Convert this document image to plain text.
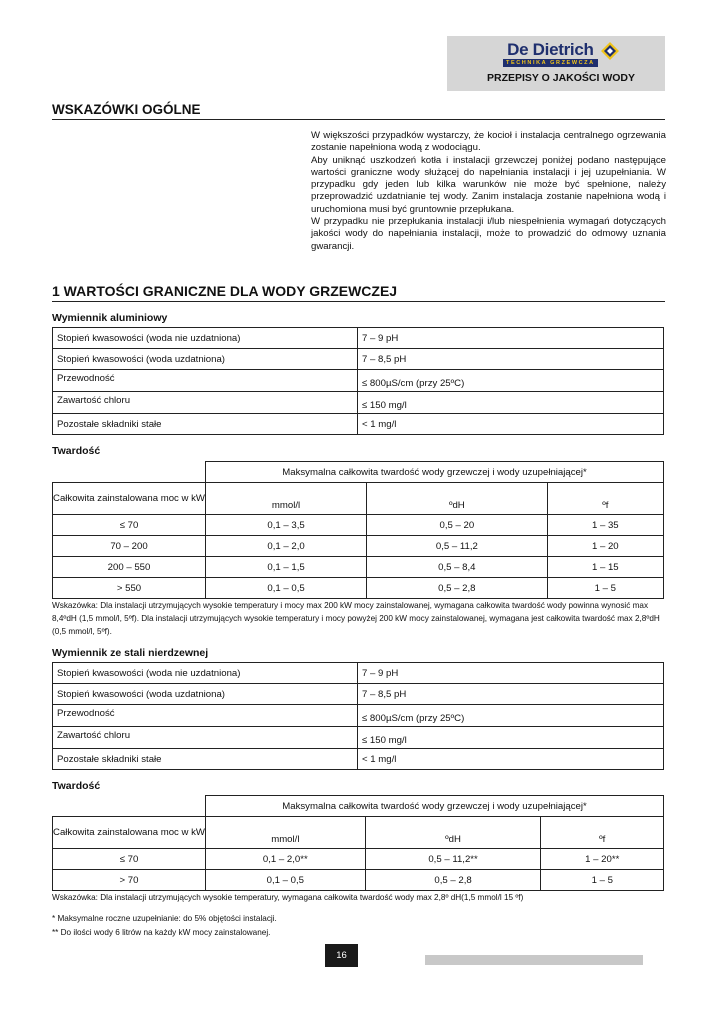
De Dietrich
TECHNIKA GRZEWCZA
PRZEPISY O JAKOŚCI WODY
WSKAZÓWKI OGÓLNE

W większości przypadków wystarczy, że kocioł i instalacja centralnego ogrzewania zostanie napełniona wodą z wodociągu.

Aby uniknąć uszkodzeń kotła i instalacji grzewczej poniżej podano następujące wartości graniczne wody służącej do napełniania instalacji i jej uzupełniania. W przypadku gdy jeden lub kilka warunków nie może być spełnione, należy przeprowadzić uzdatnianie tej wody. Zanim instalacja zostanie napełniona wodą i uruchomiona musi być gruntownie przepłukana.

W przypadku nie przepłukania instalacji i/lub niespełnienia wymagań dotyczących jakości wody do napełniania instalacji, może to prowadzić do odmowy uznania gwarancji.

1 WARTOŚCI GRANICZNE DLA WODY GRZEWCZEJ
Wymiennik aluminiowy
Stopień kwasowości (woda nie uzdatniona)	7 – 9 pH
Stopień kwasowości (woda uzdatniona)	7 – 8,5 pH
Przewodność	≤ 800µS/cm (przy 25ºC)
Zawartość chloru	≤ 150 mg/l
Pozostałe składniki stałe	< 1 mg/l
Twardość
	Maksymalna całkowita twardość wody grzewczej i wody uzupełniającej*		
Całkowita zainstalowana moc w kW	mmol/l	ºdH	ºf
≤ 70	0,1 – 3,5	0,5 – 20	1 – 35
70 – 200	0,1 – 2,0	0,5 – 11,2	1 – 20
200 – 550	0,1 – 1,5	0,5 – 8,4	1 – 15
> 550	0,1 – 0,5	0,5 – 2,8	1 – 5
Wskazówka: Dla instalacji utrzymujących wysokie temperatury i mocy max 200 kW mocy zainstalowanej, wymagana całkowita twardość wody powinna wynosić max 8,4ºdH (1,5 mmol/l, 5ºf). Dla instalacji utrzymujących wysokie temperatury i mocy powyżej 200 kW mocy zainstalowanej, wymagana jest całkowita twardość max 2,8ºdH (0,5 mmol/l, 5ºf).
Wymiennik ze stali nierdzewnej
Stopień kwasowości (woda nie uzdatniona)	7 – 9 pH
Stopień kwasowości (woda uzdatniona)	7 – 8,5 pH
Przewodność	≤ 800µS/cm (przy 25ºC)
Zawartość chloru	≤ 150 mg/l
Pozostałe składniki stałe	< 1 mg/l
Twardość
	Maksymalna całkowita twardość wody grzewczej i wody uzupełniającej*		
Całkowita zainstalowana moc w kW	mmol/l	ºdH	ºf
≤ 70	0,1 – 2,0**	0,5 – 11,2**	1 – 20**
> 70	0,1 – 0,5	0,5 – 2,8	1 – 5
Wskazówka: Dla instalacji utrzymujących wysokie temperatury, wymagana całkowita twardość wody max 2,8º dH(1,5 mmol/l 15 ºf)
* Maksymalne roczne uzupełnianie: do 5% objętości instalacji.
** Do ilości wody 6 litrów na każdy kW mocy zainstalowanej.
16
